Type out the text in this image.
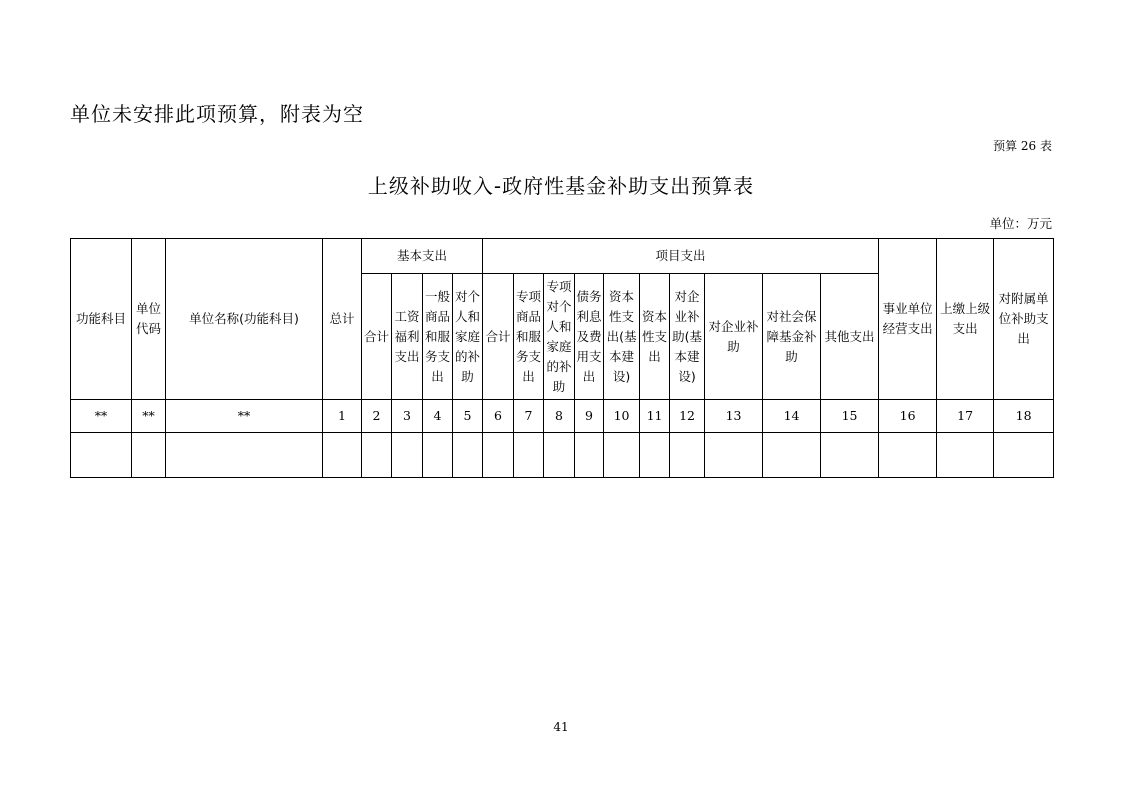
单位未安排此项预算，附表为空
预算 26 表
上级补助收入-政府性基金补助支出预算表
单位：万元
功能科目	单位代码	单位名称(功能科目)	总计	基本支出				项目支出										事业单位经营支出	上缴上级支出	对附属单位补助支出
				合计	工资福利支出	一般商品和服务支出	对个人和家庭的补助	合计	专项商品和服务支出	专项对个人和家庭的补助	债务利息及费用支出	资本性支出(基本建设)	资本性支出	对企业补助(基本建设)	对企业补助	对社会保障基金补助	其他支出			
**	**	**	1	2	3	4	5	6	7	8	9	10	11	12	13	14	15	16	17	18

41
